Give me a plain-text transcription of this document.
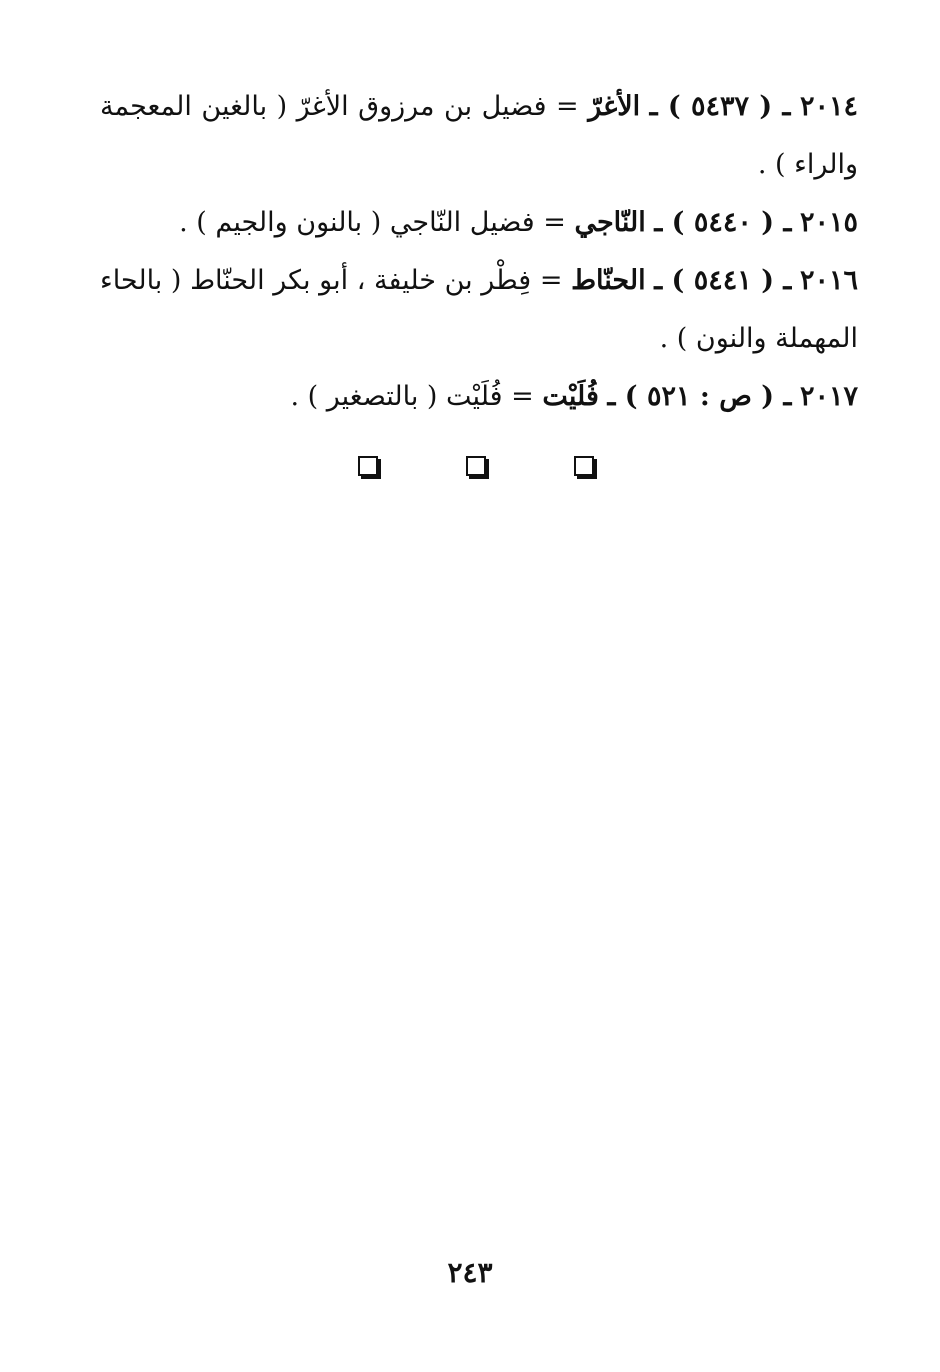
٢٠١٤ ـ ( ٥٤٣٧ ) ـ الأغرّ = فضيل بن مرزوق الأغرّ ( بالغين المعجمة والراء ) .

٢٠١٥ ـ ( ٥٤٤٠ ) ـ النّاجي = فضيل النّاجي ( بالنون والجيم ) .

٢٠١٦ ـ ( ٥٤٤١ ) ـ الحنّاط = فِطْر بن خليفة ، أبو بكر الحنّاط ( بالحاء المهملة والنون ) .

٢٠١٧ ـ ( ص : ٥٢١ ) ـ فُلَيْت = فُلَيْت ( بالتصغير ) .

٢٤٣
